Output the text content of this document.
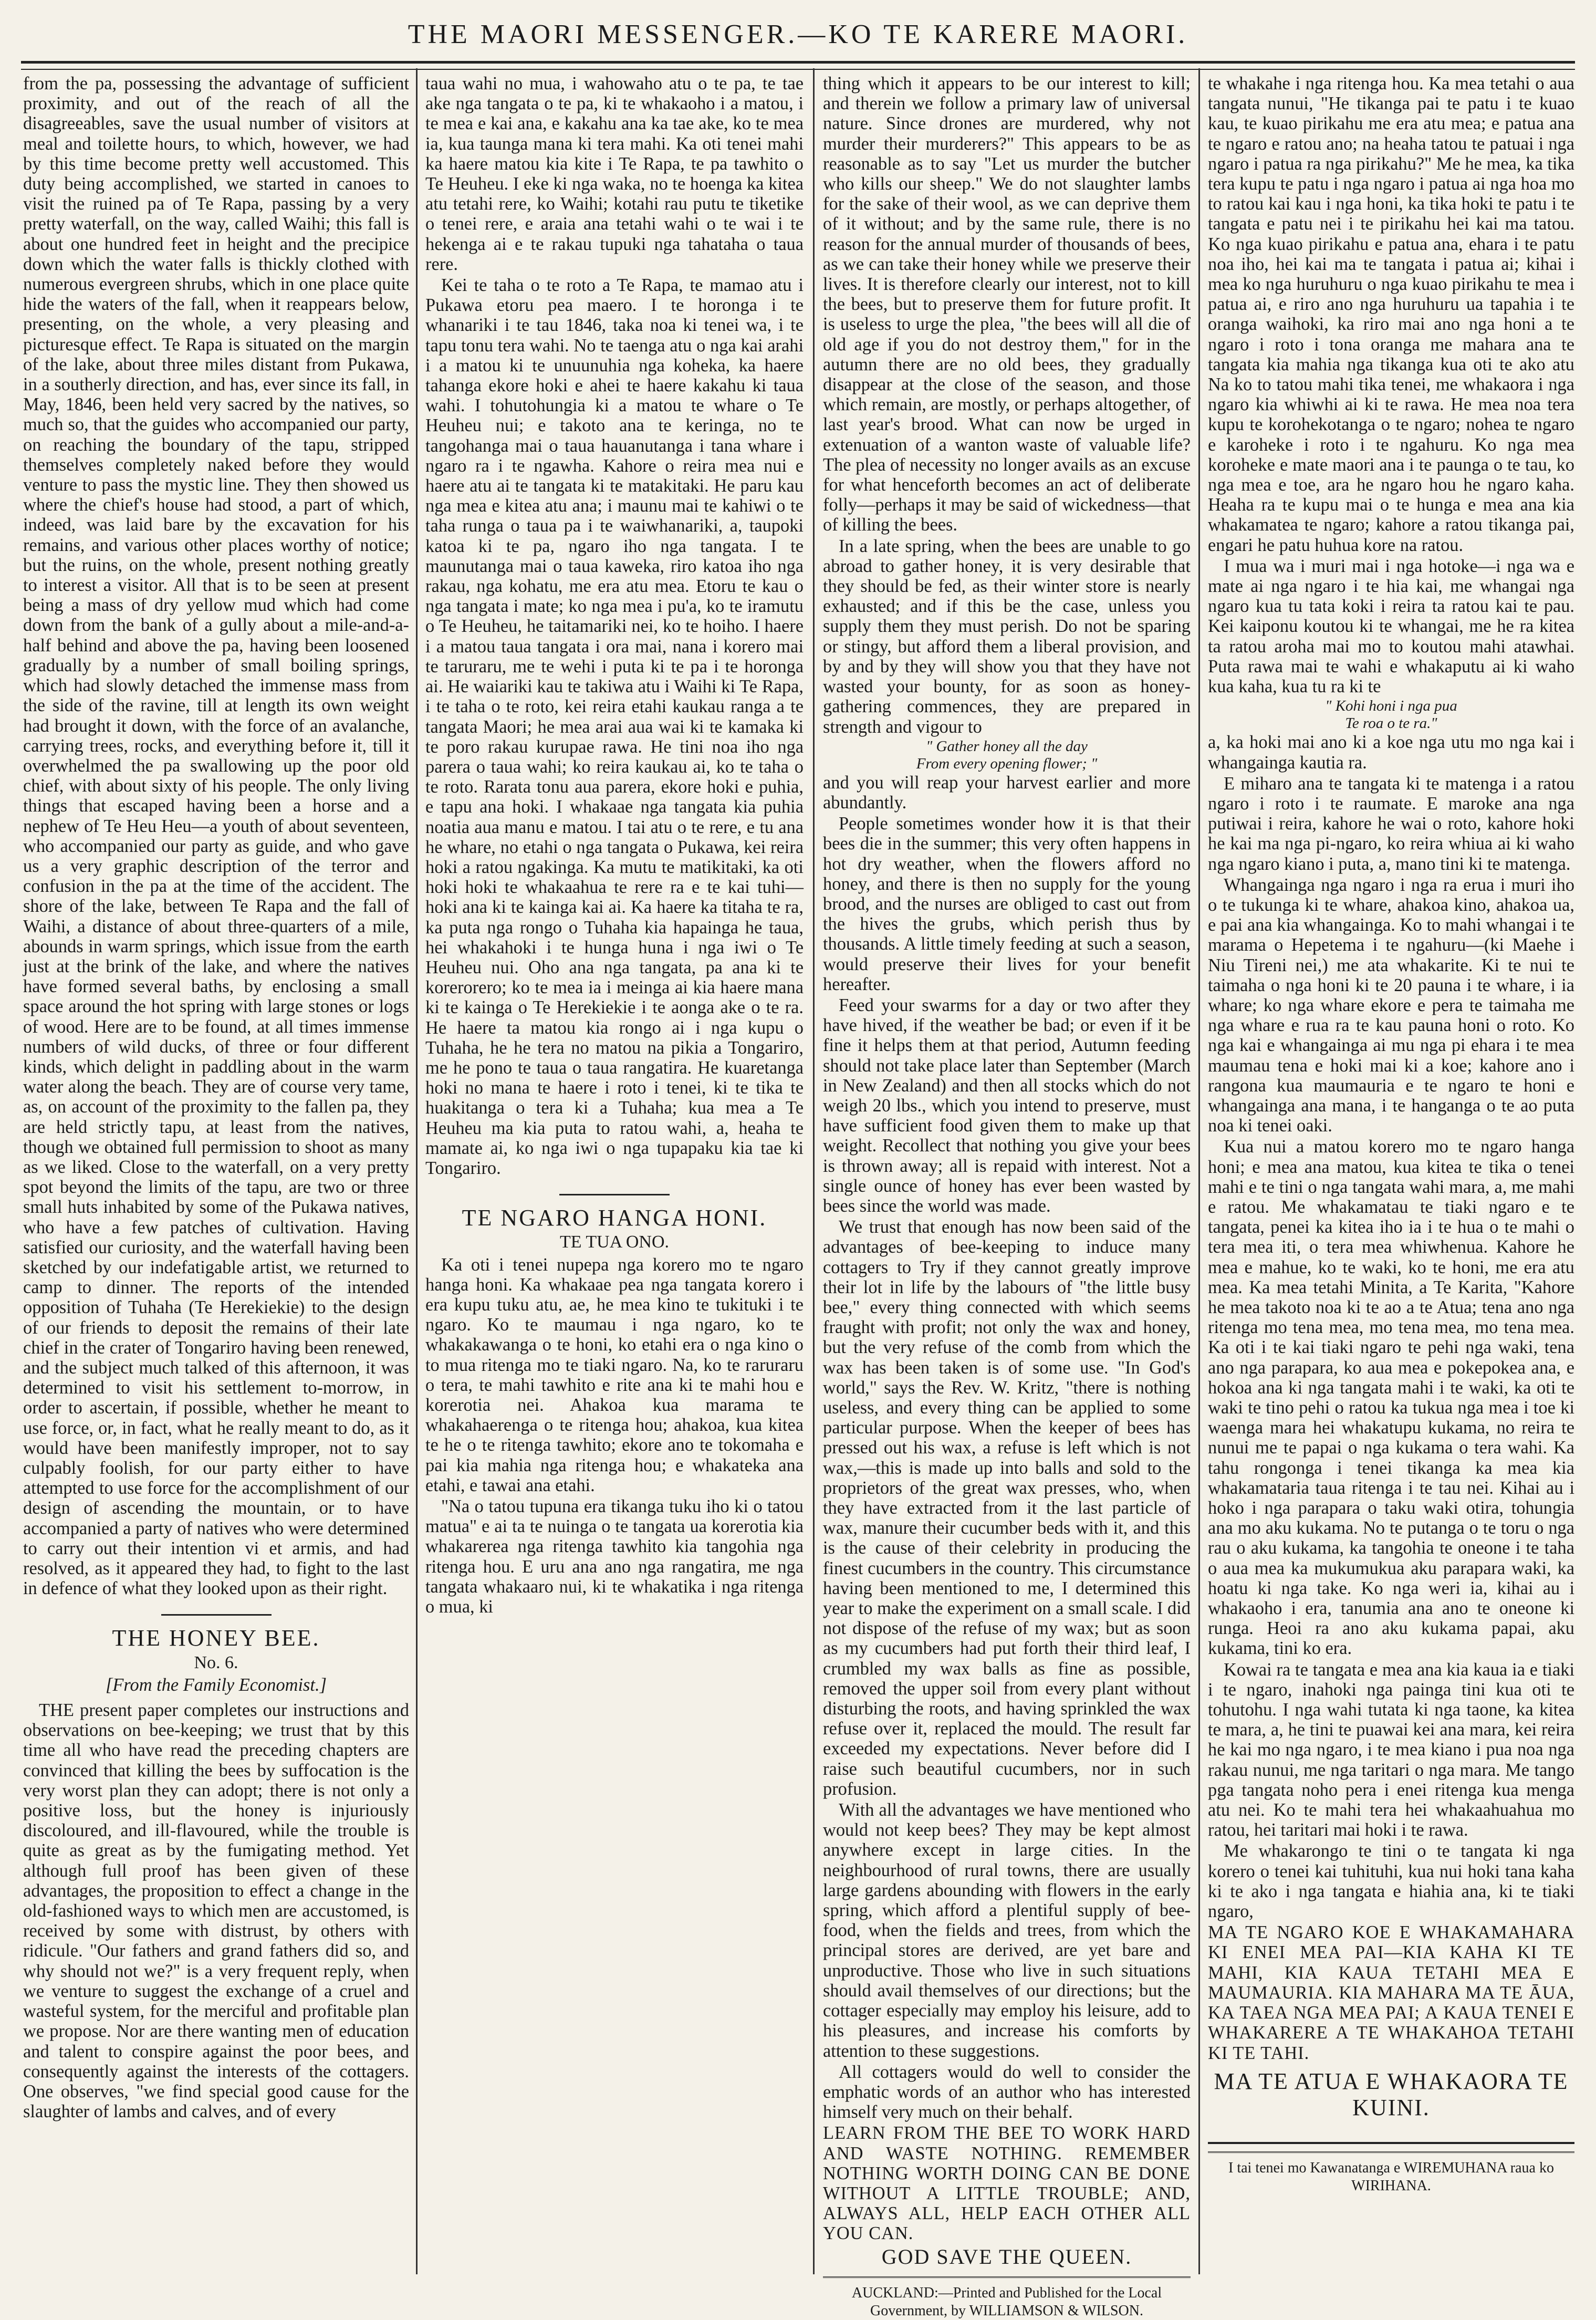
THE MAORI MESSENGER.—KO TE KARERE MAORI.

from the pa, possessing the advantage of sufficient proximity, and out of the reach of all the disagreeables, save the usual number of visitors at meal and toilette hours, to which, however, we had by this time become pretty well accustomed. This duty being accomplished, we started in canoes to visit the ruined pa of Te Rapa, passing by a very pretty waterfall, on the way, called Waihi; this fall is about one hundred feet in height and the precipice down which the water falls is thickly clothed with numerous evergreen shrubs, which in one place quite hide the waters of the fall, when it reappears below, presenting, on the whole, a very pleasing and picturesque effect. Te Rapa is situated on the margin of the lake, about three miles distant from Pukawa, in a southerly direction, and has, ever since its fall, in May, 1846, been held very sacred by the natives, so much so, that the guides who accompanied our party, on reaching the boundary of the tapu, stripped themselves completely naked before they would venture to pass the mystic line. They then showed us where the chief's house had stood, a part of which, indeed, was laid bare by the excavation for his remains, and various other places worthy of notice; but the ruins, on the whole, present nothing greatly to interest a visitor. All that is to be seen at present being a mass of dry yellow mud which had come down from the bank of a gully about a mile-and-a-half behind and above the pa, having been loosened gradually by a number of small boiling springs, which had slowly detached the immense mass from the side of the ravine, till at length its own weight had brought it down, with the force of an avalanche, carrying trees, rocks, and everything before it, till it overwhelmed the pa swallowing up the poor old chief, with about sixty of his people. The only living things that escaped having been a horse and a nephew of Te Heu Heu—a youth of about seventeen, who accompanied our party as guide, and who gave us a very graphic description of the terror and confusion in the pa at the time of the accident. The shore of the lake, between Te Rapa and the fall of Waihi, a distance of about three-quarters of a mile, abounds in warm springs, which issue from the earth just at the brink of the lake, and where the natives have formed several baths, by enclosing a small space around the hot spring with large stones or logs of wood. Here are to be found, at all times immense numbers of wild ducks, of three or four different kinds, which delight in paddling about in the warm water along the beach. They are of course very tame, as, on account of the proximity to the fallen pa, they are held strictly tapu, at least from the natives, though we obtained full permission to shoot as many as we liked. Close to the waterfall, on a very pretty spot beyond the limits of the tapu, are two or three small huts inhabited by some of the Pukawa natives, who have a few patches of cultivation. Having satisfied our curiosity, and the waterfall having been sketched by our indefatigable artist, we returned to camp to dinner. The reports of the intended opposition of Tuhaha (Te Herekiekie) to the design of our friends to deposit the remains of their late chief in the crater of Tongariro having been renewed, and the subject much talked of this afternoon, it was determined to visit his settlement to-morrow, in order to ascertain, if possible, whether he meant to use force, or, in fact, what he really meant to do, as it would have been manifestly improper, not to say culpably foolish, for our party either to have attempted to use force for the accomplishment of our design of ascending the mountain, or to have accompanied a party of natives who were determined to carry out their intention vi et armis, and had resolved, as it appeared they had, to fight to the last in defence of what they looked upon as their right.

THE HONEY BEE.
No. 6.
[From the Family Economist.]

THE present paper completes our instructions and observations on bee-keeping; we trust that by this time all who have read the preceding chapters are convinced that killing the bees by suffocation is the very worst plan they can adopt; there is not only a positive loss, but the honey is injuriously discoloured, and ill-flavoured, while the trouble is quite as great as by the fumigating method. Yet although full proof has been given of these advantages, the proposition to effect a change in the old-fashioned ways to which men are accustomed, is received by some with distrust, by others with ridicule. "Our fathers and grand fathers did so, and why should not we?" is a very frequent reply, when we venture to suggest the exchange of a cruel and wasteful system, for the merciful and profitable plan we propose. Nor are there wanting men of education and talent to conspire against the poor bees, and consequently against the interests of the cottagers. One observes, "we find special good cause for the slaughter of lambs and calves, and of every

taua wahi no mua, i wahowaho atu o te pa, te tae ake nga tangata o te pa, ki te whakaoho i a matou, i te mea e kai ana, e kakahu ana ka tae ake, ko te mea ia, kua taunga mana ki tera mahi. Ka oti tenei mahi ka haere matou kia kite i Te Rapa, te pa tawhito o Te Heuheu. I eke ki nga waka, no te hoenga ka kitea atu tetahi rere, ko Waihi; kotahi rau putu te tiketike o tenei rere, e araia ana tetahi wahi o te wai i te hekenga ai e te rakau tupuki nga tahataha o taua rere.

Kei te taha o te roto a Te Rapa, te mamao atu i Pukawa etoru pea maero. I te horonga i te whanariki i te tau 1846, taka noa ki tenei wa, i te tapu tonu tera wahi. No te taenga atu o nga kai arahi i a matou ki te unuunuhia nga koheka, ka haere tahanga ekore hoki e ahei te haere kakahu ki taua wahi. I tohutohungia ki a matou te whare o Te Heuheu nui; e takoto ana te keringa, no te tangohanga mai o taua hauanutanga i tana whare i ngaro ra i te ngawha. Kahore o reira mea nui e haere atu ai te tangata ki te matakitaki. He paru kau nga mea e kitea atu ana; i maunu mai te kahiwi o te taha runga o taua pa i te waiwhanariki, a, taupoki katoa ki te pa, ngaro iho nga tangata. I te maunutanga mai o taua kaweka, riro katoa iho nga rakau, nga kohatu, me era atu mea. Etoru te kau o nga tangata i mate; ko nga mea i pu'a, ko te iramutu o Te Heuheu, he taitamariki nei, ko te hoiho. I haere i a matou taua tangata i ora mai, nana i korero mai te taruraru, me te wehi i puta ki te pa i te horonga ai. He waiariki kau te takiwa atu i Waihi ki Te Rapa, i te taha o te roto, kei reira etahi kaukau ranga a te tangata Maori; he mea arai aua wai ki te kamaka ki te poro rakau kurupae rawa. He tini noa iho nga parera o taua wahi; ko reira kaukau ai, ko te taha o te roto. Rarata tonu aua parera, ekore hoki e puhia, e tapu ana hoki. I whakaae nga tangata kia puhia noatia aua manu e matou. I tai atu o te rere, e tu ana he whare, no etahi o nga tangata o Pukawa, kei reira hoki a ratou ngakinga. Ka mutu te matikitaki, ka oti hoki hoki te whakaahua te rere ra e te kai tuhi—hoki ana ki te kainga kai ai. Ka haere ka titaha te ra, ka puta nga rongo o Tuhaha kia hapainga he taua, hei whakahoki i te hunga huna i nga iwi o Te Heuheu nui. Oho ana nga tangata, pa ana ki te korerorero; ko te mea ia i meinga ai kia haere mana ki te kainga o Te Herekiekie i te aonga ake o te ra. He haere ta matou kia rongo ai i nga kupu o Tuhaha, he he tera no matou na pikia a Tongariro, me he pono te taua o taua rangatira. He kuaretanga hoki no mana te haere i roto i tenei, ki te tika te huakitanga o tera ki a Tuhaha; kua mea a Te Heuheu ma kia puta to ratou wahi, a, heaha te mamate ai, ko nga iwi o nga tupapaku kia tae ki Tongariro.

TE NGARO HANGA HONI.
TE TUA ONO.

Ka oti i tenei nupepa nga korero mo te ngaro hanga honi. Ka whakaae pea nga tangata korero i era kupu tuku atu, ae, he mea kino te tukituki i te ngaro. Ko te maumau i nga ngaro, ko te whakakawanga o te honi, ko etahi era o nga kino o to mua ritenga mo te tiaki ngaro. Na, ko te raruraru o tera, te mahi tawhito e rite ana ki te mahi hou e korerotia nei. Ahakoa kua marama te whakahaerenga o te ritenga hou; ahakoa, kua kitea te he o te ritenga tawhito; ekore ano te tokomaha e pai kia mahia nga ritenga hou; e whakateka ana etahi, e tawai ana etahi.

"Na o tatou tupuna era tikanga tuku iho ki o tatou matua" e ai ta te nuinga o te tangata ua korerotia kia whakarerea nga ritenga tawhito kia tangohia nga ritenga hou. E uru ana ano nga rangatira, me nga tangata whakaaro nui, ki te whakatika i nga ritenga o mua, ki

thing which it appears to be our interest to kill; and therein we follow a primary law of universal nature. Since drones are murdered, why not murder their murderers?" This appears to be as reasonable as to say "Let us murder the butcher who kills our sheep." We do not slaughter lambs for the sake of their wool, as we can deprive them of it without; and by the same rule, there is no reason for the annual murder of thousands of bees, as we can take their honey while we preserve their lives. It is therefore clearly our interest, not to kill the bees, but to preserve them for future profit. It is useless to urge the plea, "the bees will all die of old age if you do not destroy them," for in the autumn there are no old bees, they gradually disappear at the close of the season, and those which remain, are mostly, or perhaps altogether, of last year's brood. What can now be urged in extenuation of a wanton waste of valuable life? The plea of necessity no longer avails as an excuse for what henceforth becomes an act of deliberate folly—perhaps it may be said of wickedness—that of killing the bees.

In a late spring, when the bees are unable to go abroad to gather honey, it is very desirable that they should be fed, as their winter store is nearly exhausted; and if this be the case, unless you supply them they must perish. Do not be sparing or stingy, but afford them a liberal provision, and by and by they will show you that they have not wasted your bounty, for as soon as honey-gathering commences, they are prepared in strength and vigour to

" Gather honey all the day
From every opening flower; "

and you will reap your harvest earlier and more abundantly.

People sometimes wonder how it is that their bees die in the summer; this very often happens in hot dry weather, when the flowers afford no honey, and there is then no supply for the young brood, and the nurses are obliged to cast out from the hives the grubs, which perish thus by thousands. A little timely feeding at such a season, would preserve their lives for your benefit hereafter.

Feed your swarms for a day or two after they have hived, if the weather be bad; or even if it be fine it helps them at that period, Autumn feeding should not take place later than September (March in New Zealand) and then all stocks which do not weigh 20 lbs., which you intend to preserve, must have sufficient food given them to make up that weight. Recollect that nothing you give your bees is thrown away; all is repaid with interest. Not a single ounce of honey has ever been wasted by bees since the world was made.

We trust that enough has now been said of the advantages of bee-keeping to induce many cottagers to Try if they cannot greatly improve their lot in life by the labours of "the little busy bee," every thing connected with which seems fraught with profit; not only the wax and honey, but the very refuse of the comb from which the wax has been taken is of some use. "In God's world," says the Rev. W. Kritz, "there is nothing useless, and every thing can be applied to some particular purpose. When the keeper of bees has pressed out his wax, a refuse is left which is not wax,—this is made up into balls and sold to the proprietors of the great wax presses, who, when they have extracted from it the last particle of wax, manure their cucumber beds with it, and this is the cause of their celebrity in producing the finest cucumbers in the country. This circumstance having been mentioned to me, I determined this year to make the experiment on a small scale. I did not dispose of the refuse of my wax; but as soon as my cucumbers had put forth their third leaf, I crumbled my wax balls as fine as possible, removed the upper soil from every plant without disturbing the roots, and having sprinkled the wax refuse over it, replaced the mould. The result far exceeded my expectations. Never before did I raise such beautiful cucumbers, nor in such profusion.

With all the advantages we have mentioned who would not keep bees? They may be kept almost anywhere except in large cities. In the neighbourhood of rural towns, there are usually large gardens abounding with flowers in the early spring, which afford a plentiful supply of bee-food, when the fields and trees, from which the principal stores are derived, are yet bare and unproductive. Those who live in such situations should avail themselves of our directions; but the cottager especially may employ his leisure, add to his pleasures, and increase his comforts by attention to these suggestions.

All cottagers would do well to consider the emphatic words of an author who has interested himself very much on their behalf.

LEARN FROM THE BEE TO WORK HARD AND WASTE NOTHING. REMEMBER NOTHING WORTH DOING CAN BE DONE WITHOUT A LITTLE TROUBLE; AND, ALWAYS ALL, HELP EACH OTHER ALL YOU CAN.

GOD SAVE THE QUEEN.
AUCKLAND:—Printed and Published for the Local Government, by WILLIAMSON & WILSON.

te whakahe i nga ritenga hou. Ka mea tetahi o aua tangata nunui, "He tikanga pai te patu i te kuao kau, te kuao pirikahu me era atu mea; e patua ana te ngaro e ratou ano; na heaha tatou te patuai i nga ngaro i patua ra nga pirikahu?" Me he mea, ka tika tera kupu te patu i nga ngaro i patua ai nga hoa mo to ratou kai kau i nga honi, ka tika hoki te patu i te tangata e patu nei i te pirikahu hei kai ma tatou. Ko nga kuao pirikahu e patua ana, ehara i te patu noa iho, hei kai ma te tangata i patua ai; kihai i mea ko nga huruhuru o nga kuao pirikahu te mea i patua ai, e riro ano nga huruhuru ua tapahia i te oranga waihoki, ka riro mai ano nga honi a te ngaro i roto i tona oranga me mahara ana te tangata kia mahia nga tikanga kua oti te ako atu Na ko to tatou mahi tika tenei, me whakaora i nga ngaro kia whiwhi ai ki te rawa. He mea noa tera kupu te korohekotanga o te ngaro; nohea te ngaro e karoheke i roto i te ngahuru. Ko nga mea koroheke e mate maori ana i te paunga o te tau, ko nga mea e toe, ara he ngaro hou he ngaro kaha. Heaha ra te kupu mai o te hunga e mea ana kia whakamatea te ngaro; kahore a ratou tikanga pai, engari he patu huhua kore na ratou.

I mua wa i muri mai i nga hotoke—i nga wa e mate ai nga ngaro i te hia kai, me whangai nga ngaro kua tu tata koki i reira ta ratou kai te pau. Kei kaiponu koutou ki te whangai, me he ra kitea ta ratou aroha mai mo to koutou mahi atawhai. Puta rawa mai te wahi e whakaputu ai ki waho kua kaha, kua tu ra ki te

" Kohi honi i nga pua
Te roa o te ra."

a, ka hoki mai ano ki a koe nga utu mo nga kai i whangainga kautia ra.

E miharo ana te tangata ki te matenga i a ratou ngaro i roto i te raumate. E maroke ana nga putiwai i reira, kahore he wai o roto, kahore hoki he kai ma nga pi-ngaro, ko reira whiua ai ki waho nga ngaro kiano i puta, a, mano tini ki te matenga.

Whangainga nga ngaro i nga ra erua i muri iho o te tukunga ki te whare, ahakoa kino, ahakoa ua, e pai ana kia whangainga. Ko to mahi whangai i te marama o Hepetema i te ngahuru—(ki Maehe i Niu Tireni nei,) me ata whakarite. Ki te nui te taimaha o nga honi ki te 20 pauna i te whare, i ia whare; ko nga whare ekore e pera te taimaha me nga whare e rua ra te kau pauna honi o roto. Ko nga kai e whangainga ai mu nga pi ehara i te mea maumau tena e hoki mai ki a koe; kahore ano i rangona kua maumauria e te ngaro te honi e whangainga ana mana, i te hanganga o te ao puta noa ki tenei oaki.

Kua nui a matou korero mo te ngaro hanga honi; e mea ana matou, kua kitea te tika o tenei mahi e te tini o nga tangata wahi mara, a, me mahi e ratou. Me whakamatau te tiaki ngaro e te tangata, penei ka kitea iho ia i te hua o te mahi o tera mea iti, o tera mea whiwhenua. Kahore he mea e mahue, ko te waki, ko te honi, me era atu mea. Ka mea tetahi Minita, a Te Karita, "Kahore he mea takoto noa ki te ao a te Atua; tena ano nga ritenga mo tena mea, mo tena mea, mo tena mea. Ka oti i te kai tiaki ngaro te pehi nga waki, tena ano nga parapara, ko aua mea e pokepokea ana, e hokoa ana ki nga tangata mahi i te waki, ka oti te waki te tino pehi o ratou ka tukua nga mea i toe ki waenga mara hei whakatupu kukama, no reira te nunui me te papai o nga kukama o tera wahi. Ka tahu rongonga i tenei tikanga ka mea kia whakamataria taua ritenga i te tau nei. Kihai au i hoko i nga parapara o taku waki otira, tohungia ana mo aku kukama. No te putanga o te toru o nga rau o aku kukama, ka tangohia te oneone i te taha o aua mea ka mukumukua aku parapara waki, ka hoatu ki nga take. Ko nga weri ia, kihai au i whakaoho i era, tanumia ana ano te oneone ki runga. Heoi ra ano aku kukama papai, aku kukama, tini ko era.

Kowai ra te tangata e mea ana kia kaua ia e tiaki i te ngaro, inahoki nga painga tini kua oti te tohutohu. I nga wahi tutata ki nga taone, ka kitea te mara, a, he tini te puawai kei ana mara, kei reira he kai mo nga ngaro, i te mea kiano i pua noa nga rakau nunui, me nga taritari o nga mara. Me tango pga tangata noho pera i enei ritenga kua menga atu nei. Ko te mahi tera hei whakaahuahua mo ratou, hei taritari mai hoki i te rawa.

Me whakarongo te tini o te tangata ki nga korero o tenei kai tuhituhi, kua nui hoki tana kaha ki te ako i nga tangata e hiahia ana, ki te tiaki ngaro,

MA TE NGARO KOE E WHAKAMAHARA KI ENEI MEA PAI—KIA KAHA KI TE MAHI, KIA KAUA TETAHI MEA E MAUMAURIA. KIA MAHARA MA TE ĀUA, KA TAEA NGA MEA PAI; A KAUA TENEI E WHAKARERE A TE WHAKAHOA TETAHI KI TE TAHI.

MA TE ATUA E WHAKAORA TE KUINI.
I tai tenei mo Kawanatanga e WIREMUHANA raua ko WIRIHANA.
